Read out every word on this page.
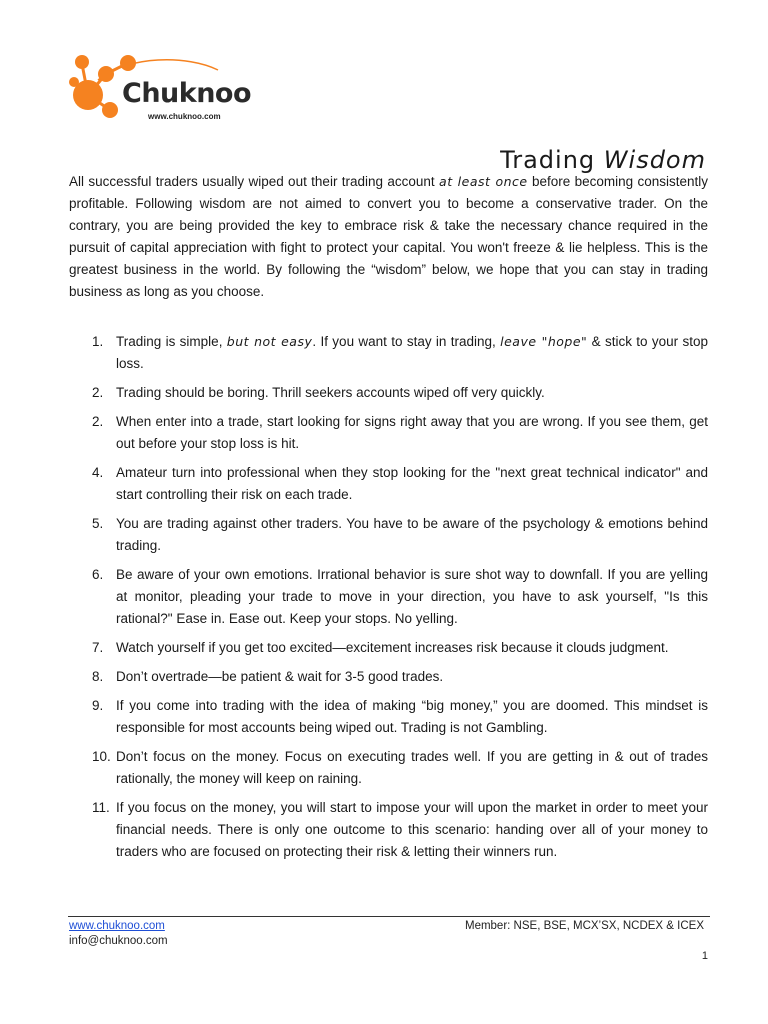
Chuknoo
www.chuknoo.com
Trading Wisdom

All successful traders usually wiped out their trading account at least once before becoming consistently profitable. Following wisdom are not aimed to convert you to become a conservative trader. On the contrary, you are being provided the key to embrace risk & take the necessary chance required in the pursuit of capital appreciation with fight to protect your capital. You won't freeze & lie helpless. This is the greatest business in the world. By following the “wisdom” below, we hope that you can stay in trading business as long as you choose.

1. Trading is simple, but not easy. If you want to stay in trading, leave "hope" & stick to your stop loss.
2. Trading should be boring. Thrill seekers accounts wiped off very quickly.
2. When enter into a trade, start looking for signs right away that you are wrong. If you see them, get out before your stop loss is hit.
4. Amateur turn into professional when they stop looking for the "next great technical indicator" and start controlling their risk on each trade.
5. You are trading against other traders. You have to be aware of the psychology & emotions behind trading.
6. Be aware of your own emotions. Irrational behavior is sure shot way to downfall. If you are yelling at monitor, pleading your trade to move in your direction, you have to ask yourself, "Is this rational?" Ease in. Ease out. Keep your stops. No yelling.
7. Watch yourself if you get too excited—excitement increases risk because it clouds judgment.
8. Don’t overtrade—be patient & wait for 3-5 good trades.
9. If you come into trading with the idea of making “big money,” you are doomed. This mindset is responsible for most accounts being wiped out. Trading is not Gambling.
10. Don’t focus on the money. Focus on executing trades well. If you are getting in & out of trades rationally, the money will keep on raining.
11. If you focus on the money, you will start to impose your will upon the market in order to meet your financial needs. There is only one outcome to this scenario: handing over all of your money to traders who are focused on protecting their risk & letting their winners run.
www.chuknoo.com
info@chuknoo.com
Member: NSE, BSE, MCX’SX, NCDEX & ICEX
1
